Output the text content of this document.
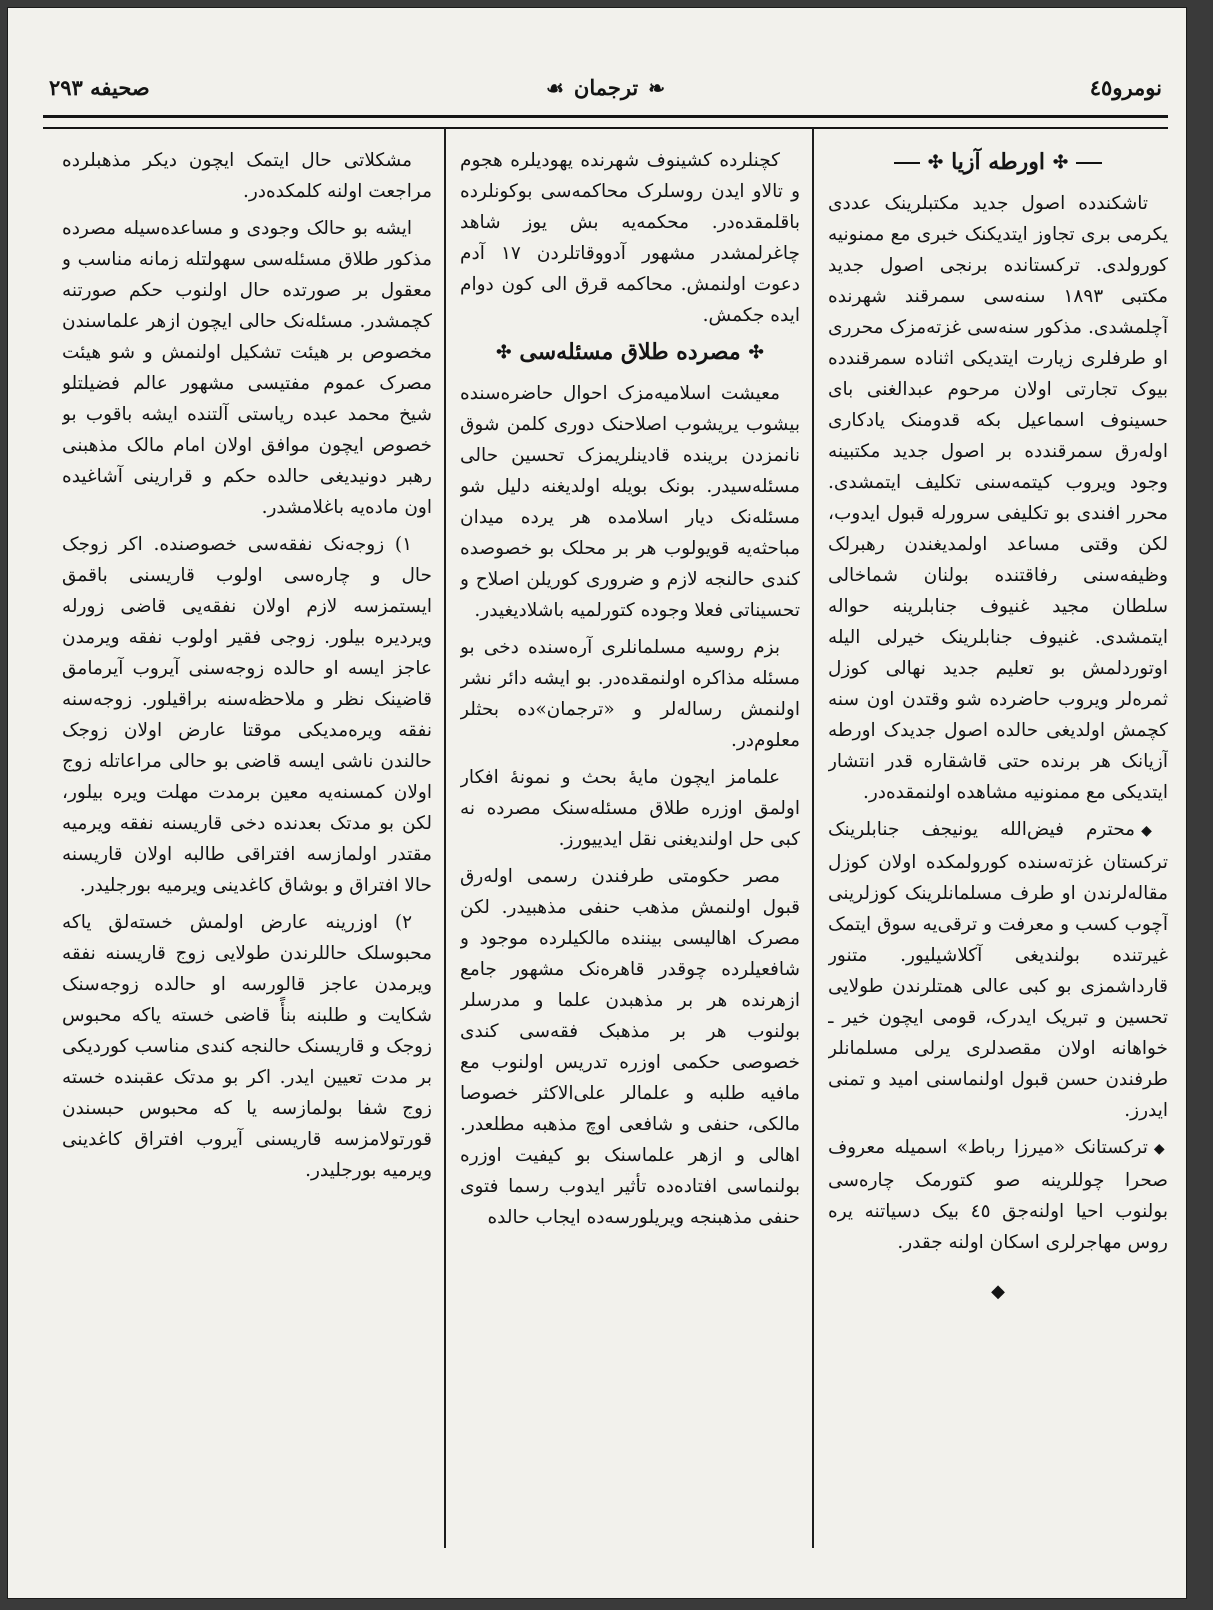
نومرو٤٥
❧
ترجمان
☙
صحیفه ٢٩٣
✣
اورطه آزیا
✣

تاشکندده اصول جدید مکتبلرینک عددی یکرمی بری تجاوز ایتدیکنک خبری مع ممنونیه کورولدی. ترکستانده برنجی اصول جدید مکتبی ١٨٩٣ سنه‌سی سمرقند شهرنده آچلمشدی. مذکور سنه‌سی غزته‌مزک محرری او طرفلری زیارت ایتدیکی اثناده سمرقندده بیوک تجارتی اولان مرحوم عبدالغنی بای حسینوف اسماعیل بکه قدومنک یادکاری اوله‌رق سمرقندده بر اصول جدید مکتبینه وجود ویروب کیتمه‌سنی تکلیف ایتمشدی. محرر افندی بو تکلیفی سرورله قبول ایدوب، لکن وقتی مساعد اولمدیغندن رهبرلک وظیفه‌سنی رفاقتنده بولنان شماخالی سلطان مجید غنیوف جنابلرینه حواله ایتمشدی. غنیوف جنابلرینک خیرلی الیله اوتوردلمش بو تعلیم جدید نهالی کوزل ثمره‌لر ویروب حاضرده شو وقتدن اون سنه کچمش اولدیغی حالده اصول جدیدک اورطه آزیانک هر برنده حتی قاشقاره قدر انتشار ایتدیکی مع ممنونیه مشاهده اولنمقده‌در.

◆محترم فیض‌الله یونیجف جنابلرینک ترکستان غزته‌سنده کورولمکده اولان کوزل مقاله‌لرندن او طرف مسلمانلرینک کوزلرینی آچوب کسب و معرفت و ترقی‌یه سوق ایتمک غیرتنده بولندیغی آکلاشیلیور. متنور قارداشمزی بو کبی عالی همتلرندن طولایی تحسین و تبریک ایدرک، قومی ایچون خیر ـ خواهانه اولان مقصدلری یرلی مسلمانلر طرفندن حسن قبول اولنماسنی امید و تمنی ایدرز.
◆ترکستانک «میرزا رباط» اسمیله معروف صحرا چوللرینه صو کتورمک چاره‌سی بولنوب احیا اولنه‌جق ٤٥ بیک دسیاتنه یره روس مهاجرلری اسکان اولنه جقدر.
◆

کچنلرده کشینوف شهرنده یهودیلره هجوم و تالاو ایدن روسلرک محاکمه‌سی بوکونلرده باقلمقده‌در. محکمه‌یه بش یوز شاهد چاغرلمشدر مشهور آدووقاتلردن ١٧ آدم دعوت اولنمش. محاکمه قرق الی کون دوام ایده جکمش.

✣
مصرده طلاق مسئله‌سی
✣

معیشت اسلامیه‌مزک احوال حاضره‌سنده بیشوب یریشوب اصلاحنک دوری کلمن شوق نانمزدن برینده قادینلریمزک تحسین حالی مسئله‌سیدر. بونک بویله اولدیغنه دلیل شو مسئله‌نک دیار اسلامده هر یرده میدان مباحثه‌یه قویولوب هر بر محلک بو خصوصده کندی حالنجه لازم و ضروری کوریلن اصلاح و تحسیناتی فعلا وجوده کتورلمیه باشلادیغیدر.

بزم روسیه مسلمانلری آره‌سنده دخی بو مسئله مذاکره اولنمقده‌در. بو ایشه دائر نشر اولنمش رساله‌لر و «ترجمان»ده بحثلر معلوم‌در.

علمامز ایچون مایهٔ بحث و نمونهٔ افکار اولمق اوزره طلاق مسئله‌سنک مصرده نه کبی حل اولندیغنی نقل ایدییورز.

مصر حکومتی طرفندن رسمی اوله‌رق قبول اولنمش مذهب حنفی مذهبیدر. لکن مصرک اهالیسی بیننده مالکیلرده موجود و شافعیلرده چوقدر قاهره‌نک مشهور جامع ازهرنده هر بر مذهبدن علما و مدرسلر بولنوب هر بر مذهبک فقه‌سی کندی خصوصی حکمی اوزره تدریس اولنوب مع مافیه طلبه و علمالر علی‌الاکثر خصوصا مالکی، حنفی و شافعی اوچ مذهبه مطلعدر. اهالی و ازهر علماسنک بو کیفیت اوزره بولنماسی افتاده‌ده تأثیر ایدوب رسما فتوی حنفی مذهبنجه ویریلورسه‌ده ایجاب حالده

مشکلاتی حال ایتمک ایچون دیکر مذهبلرده مراجعت اولنه کلمکده‌در.

ایشه بو حالک وجودی و مساعده‌سیله مصرده مذکور طلاق مسئله‌سی سهولتله زمانه مناسب و معقول بر صورتده حال اولنوب حکم صورتنه کچمشدر. مسئله‌نک حالی ایچون ازهر علماسندن مخصوص بر هیئت تشکیل اولنمش و شو هیئت مصرک عموم مفتیسی مشهور عالم فضیلتلو شیخ محمد عبده ریاستی آلتنده ایشه باقوب بو خصوص ایچون موافق اولان امام مالک مذهبنی رهبر دونیدیغی حالده حکم و قرارینی آشاغیده اون ماده‌یه باغلامشدر.

١) زوجه‌نک نفقه‌سی خصوصنده. اکر زوجک حال و چاره‌سی اولوب قاریسنی باقمق ایستمزسه لازم اولان نفقه‌یی قاضی زورله ویردیره بیلور. زوجی فقیر اولوب نفقه ویرمدن عاجز ایسه او حالده زوجه‌سنی آیروب آیرمامق قاضینک نظر و ملاحظه‌سنه براقیلور. زوجه‌سنه نفقه ویره‌مدیکی موقتا عارض اولان زوجک حالندن ناشی ایسه قاضی بو حالی مراعاتله زوج اولان کمسنه‌یه معین برمدت مهلت ویره بیلور، لکن بو مدتک بعدنده دخی قاریسنه نفقه ویرمیه مقتدر اولمازسه افتراقی طالبه اولان قاریسنه حالا افتراق و بوشاق کاغدینی ویرمیه بورجلیدر.

٢) اوزرینه عارض اولمش خسته‌لق یاکه محبوسلک حاللرندن طولایی زوج قاریسنه نفقه ویرمدن عاجز قالورسه او حالده زوجه‌سنک شکایت و طلبنه بنأً قاضی خسته یاکه محبوس زوجک و قاریسنک حالنجه کندی مناسب کوردیکی بر مدت تعیین ایدر. اکر بو مدتک عقبنده خسته زوج شفا بولمازسه یا که محبوس حبسندن قورتولامزسه قاریسنی آیروب افتراق کاغدینی ویرمیه بورجلیدر.
